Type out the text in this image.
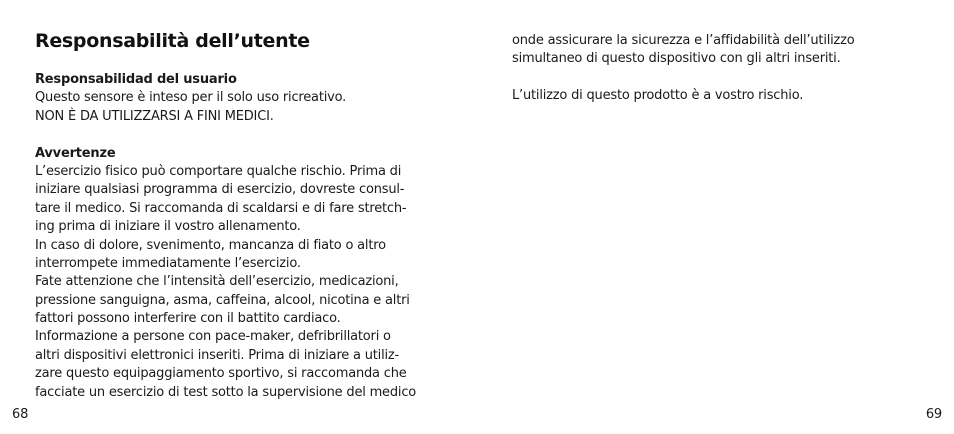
Responsabilità dell’utente
Responsabilidad del usuario
Questo sensore è inteso per il solo uso ricreativo.
NON È DA UTILIZZARSI A FINI MEDICI.
Avvertenze
L’esercizio fisico può comportare qualche rischio. Prima di
iniziare qualsiasi programma di esercizio, dovreste consul-
tare il medico. Si raccomanda di scaldarsi e di fare stretch-
ing prima di iniziare il vostro allenamento.
In caso di dolore, svenimento, mancanza di fiato o altro
interrompete immediatamente l’esercizio.
Fate attenzione che l’intensità dell’esercizio, medicazioni,
pressione sanguigna, asma, caffeina, alcool, nicotina e altri
fattori possono interferire con il battito cardiaco.
Informazione a persone con pace-maker, defribrillatori o
altri dispositivi elettronici inseriti. Prima di iniziare a utiliz-
zare questo equipaggiamento sportivo, si raccomanda che
facciate un esercizio di test sotto la supervisione del medico
68
onde assicurare la sicurezza e l’affidabilità dell’utilizzo
simultaneo di questo dispositivo con gli altri inseriti.
L’utilizzo di questo prodotto è a vostro rischio.
69
